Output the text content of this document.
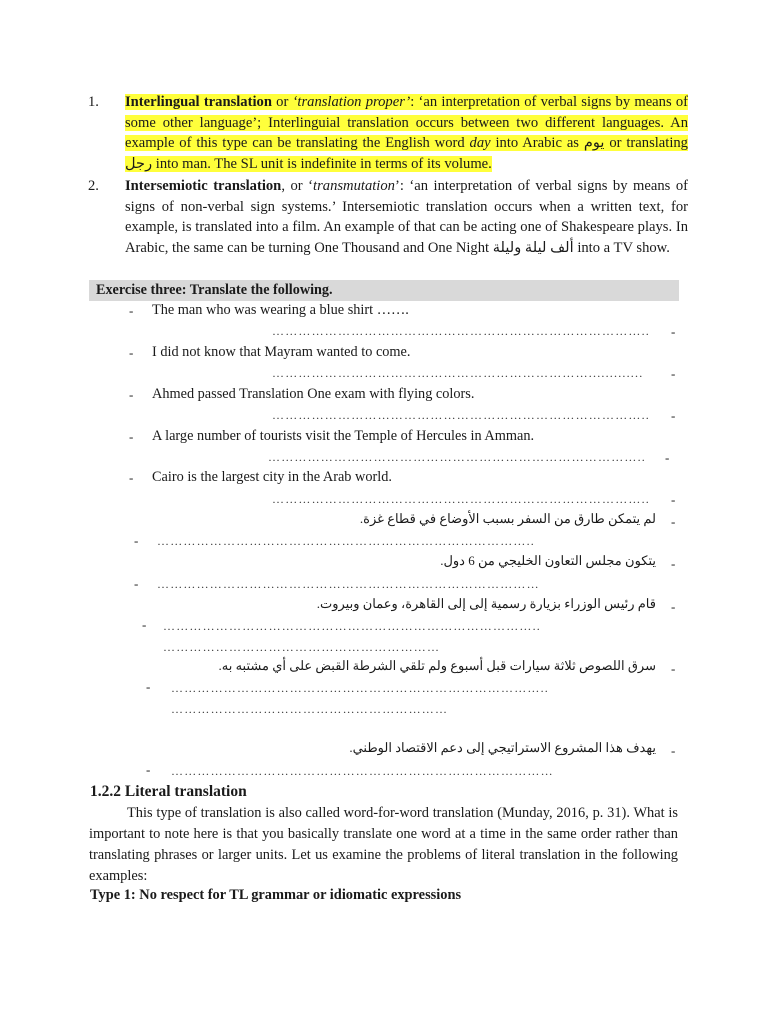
1. Interlingual translation or ‘translation proper’: ‘an interpretation of verbal signs by means of some other language’; Interlinguial translation occurs between two different languages. An example of this type can be translating the English word day into Arabic as يوم or translating رجل into man. The SL unit is indefinite in terms of its volume.
2. Intersemiotic translation, or ‘transmutation’: ‘an interpretation of verbal signs by means of signs of non-verbal sign systems.’ Intersemiotic translation occurs when a written text, for example, is translated into a film. An example of that can be acting one of Shakespeare plays. In Arabic, the same can be turning One Thousand and One Night ألف ليلة وليلة into a TV show.
Exercise three: Translate the following.
- The man who was wearing a blue shirt …….
………………………………………………………………………….. -
- I did not know that Mayram wanted to come.
………………………………………………………………............. -
- Ahmed passed Translation One exam with flying colors.
………………………………………………………………………….. -
- A large number of tourists visit the Temple of Hercules in Amman.
………………………………………………………………………….. -
- Cairo is the largest city in the Arab world.
………………………………………………………………………….. -
-
لم يتمكن طارق من السفر بسبب الأوضاع في قطاع غزة.
- …………………………………………………………………………..
-
يتكون مجلس التعاون الخليجي من 6 دول.
- ……………………………………………………………………………
-
قام رئيس الوزراء بزيارة رسمية إلى إلى القاهرة، وعمان وبيروت.
- …………………………………………………………………………..
………………………………………………………
-
سرق اللصوص ثلاثة سيارات قبل أسبوع ولم تلقي الشرطة القبض على أي مشتبه به.
- …………………………………………………………………………..
………………………………………………………
-
يهدف هذا المشروع الاستراتيجي إلى دعم الاقتصاد الوطني.
- ……………………………………………………………………………
1.2.2 Literal translation
This type of translation is also called word-for-word translation (Munday, 2016, p. 31). What is important to note here is that you basically translate one word at a time in the same order rather than translating phrases or larger units. Let us examine the problems of literal translation in the following examples:
Type 1: No respect for TL grammar or idiomatic expressions
